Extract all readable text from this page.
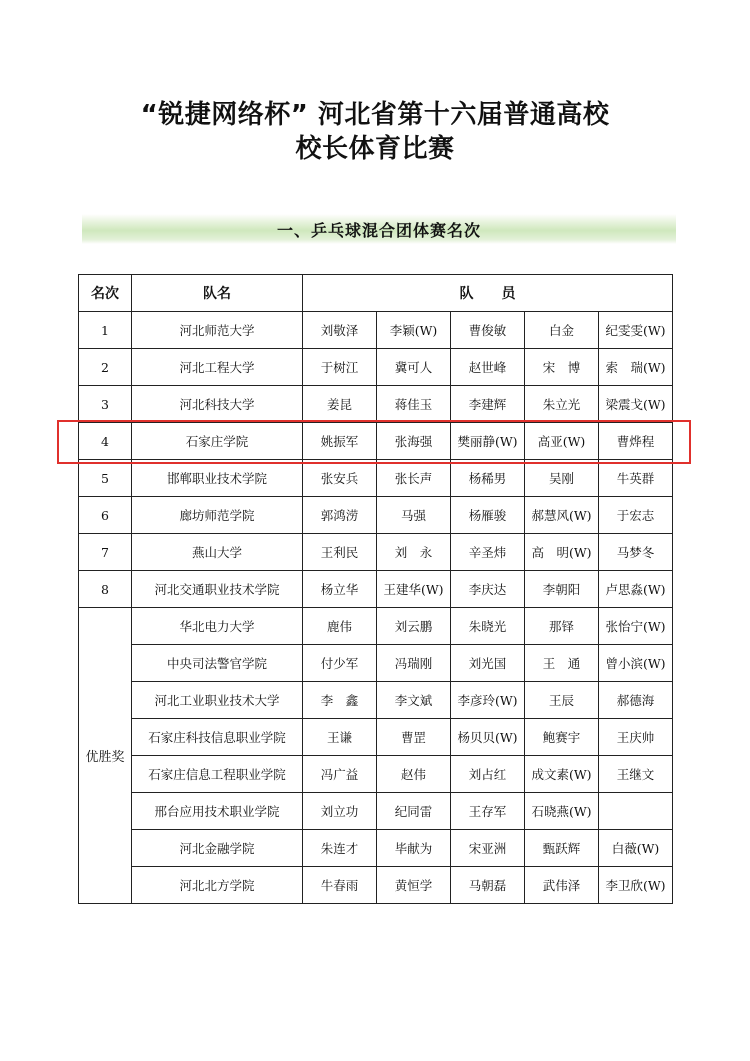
“锐捷网络杯” 河北省第十六届普通高校
校长体育比赛
一、乒乓球混合团体赛名次
名次	队名	队　　员				
1	河北师范大学	刘敬泽	李颖(W)	曹俊敏	白金	纪雯雯(W)
2	河北工程大学	于树江	冀可人	赵世峰	宋　博	索　瑞(W)
3	河北科技大学	姜昆	蒋佳玉	李建辉	朱立光	梁震戈(W)
4	石家庄学院	姚振军	张海强	樊丽静(W)	高亚(W)	曹烨程
5	邯郸职业技术学院	张安兵	张长声	杨稀男	吴刚	牛英群
6	廊坊师范学院	郭鸿涝	马强	杨雁骏	郝慧风(W)	于宏志
7	燕山大学	王利民	刘　永	辛圣炜	高　明(W)	马梦冬
8	河北交通职业技术学院	杨立华	王建华(W)	李庆达	李朝阳	卢思淼(W)
优胜奖	华北电力大学	鹿伟	刘云鹏	朱晓光	那铎	张怡宁(W)
	中央司法警官学院	付少军	冯瑞刚	刘光国	王　通	曾小滨(W)
	河北工业职业技术大学	李　鑫	李文斌	李彦玲(W)	王辰	郝德海
	石家庄科技信息职业学院	王谦	曹罡	杨贝贝(W)	鲍赛宇	王庆帅
	石家庄信息工程职业学院	冯广益	赵伟	刘占红	成文素(W)	王继文
	邢台应用技术职业学院	刘立功	纪同雷	王存军	石晓燕(W)	
	河北金融学院	朱连才	毕献为	宋亚洲	甄跃辉	白薇(W)
	河北北方学院	牛春雨	黄恒学	马朝磊	武伟泽	李卫欣(W)
